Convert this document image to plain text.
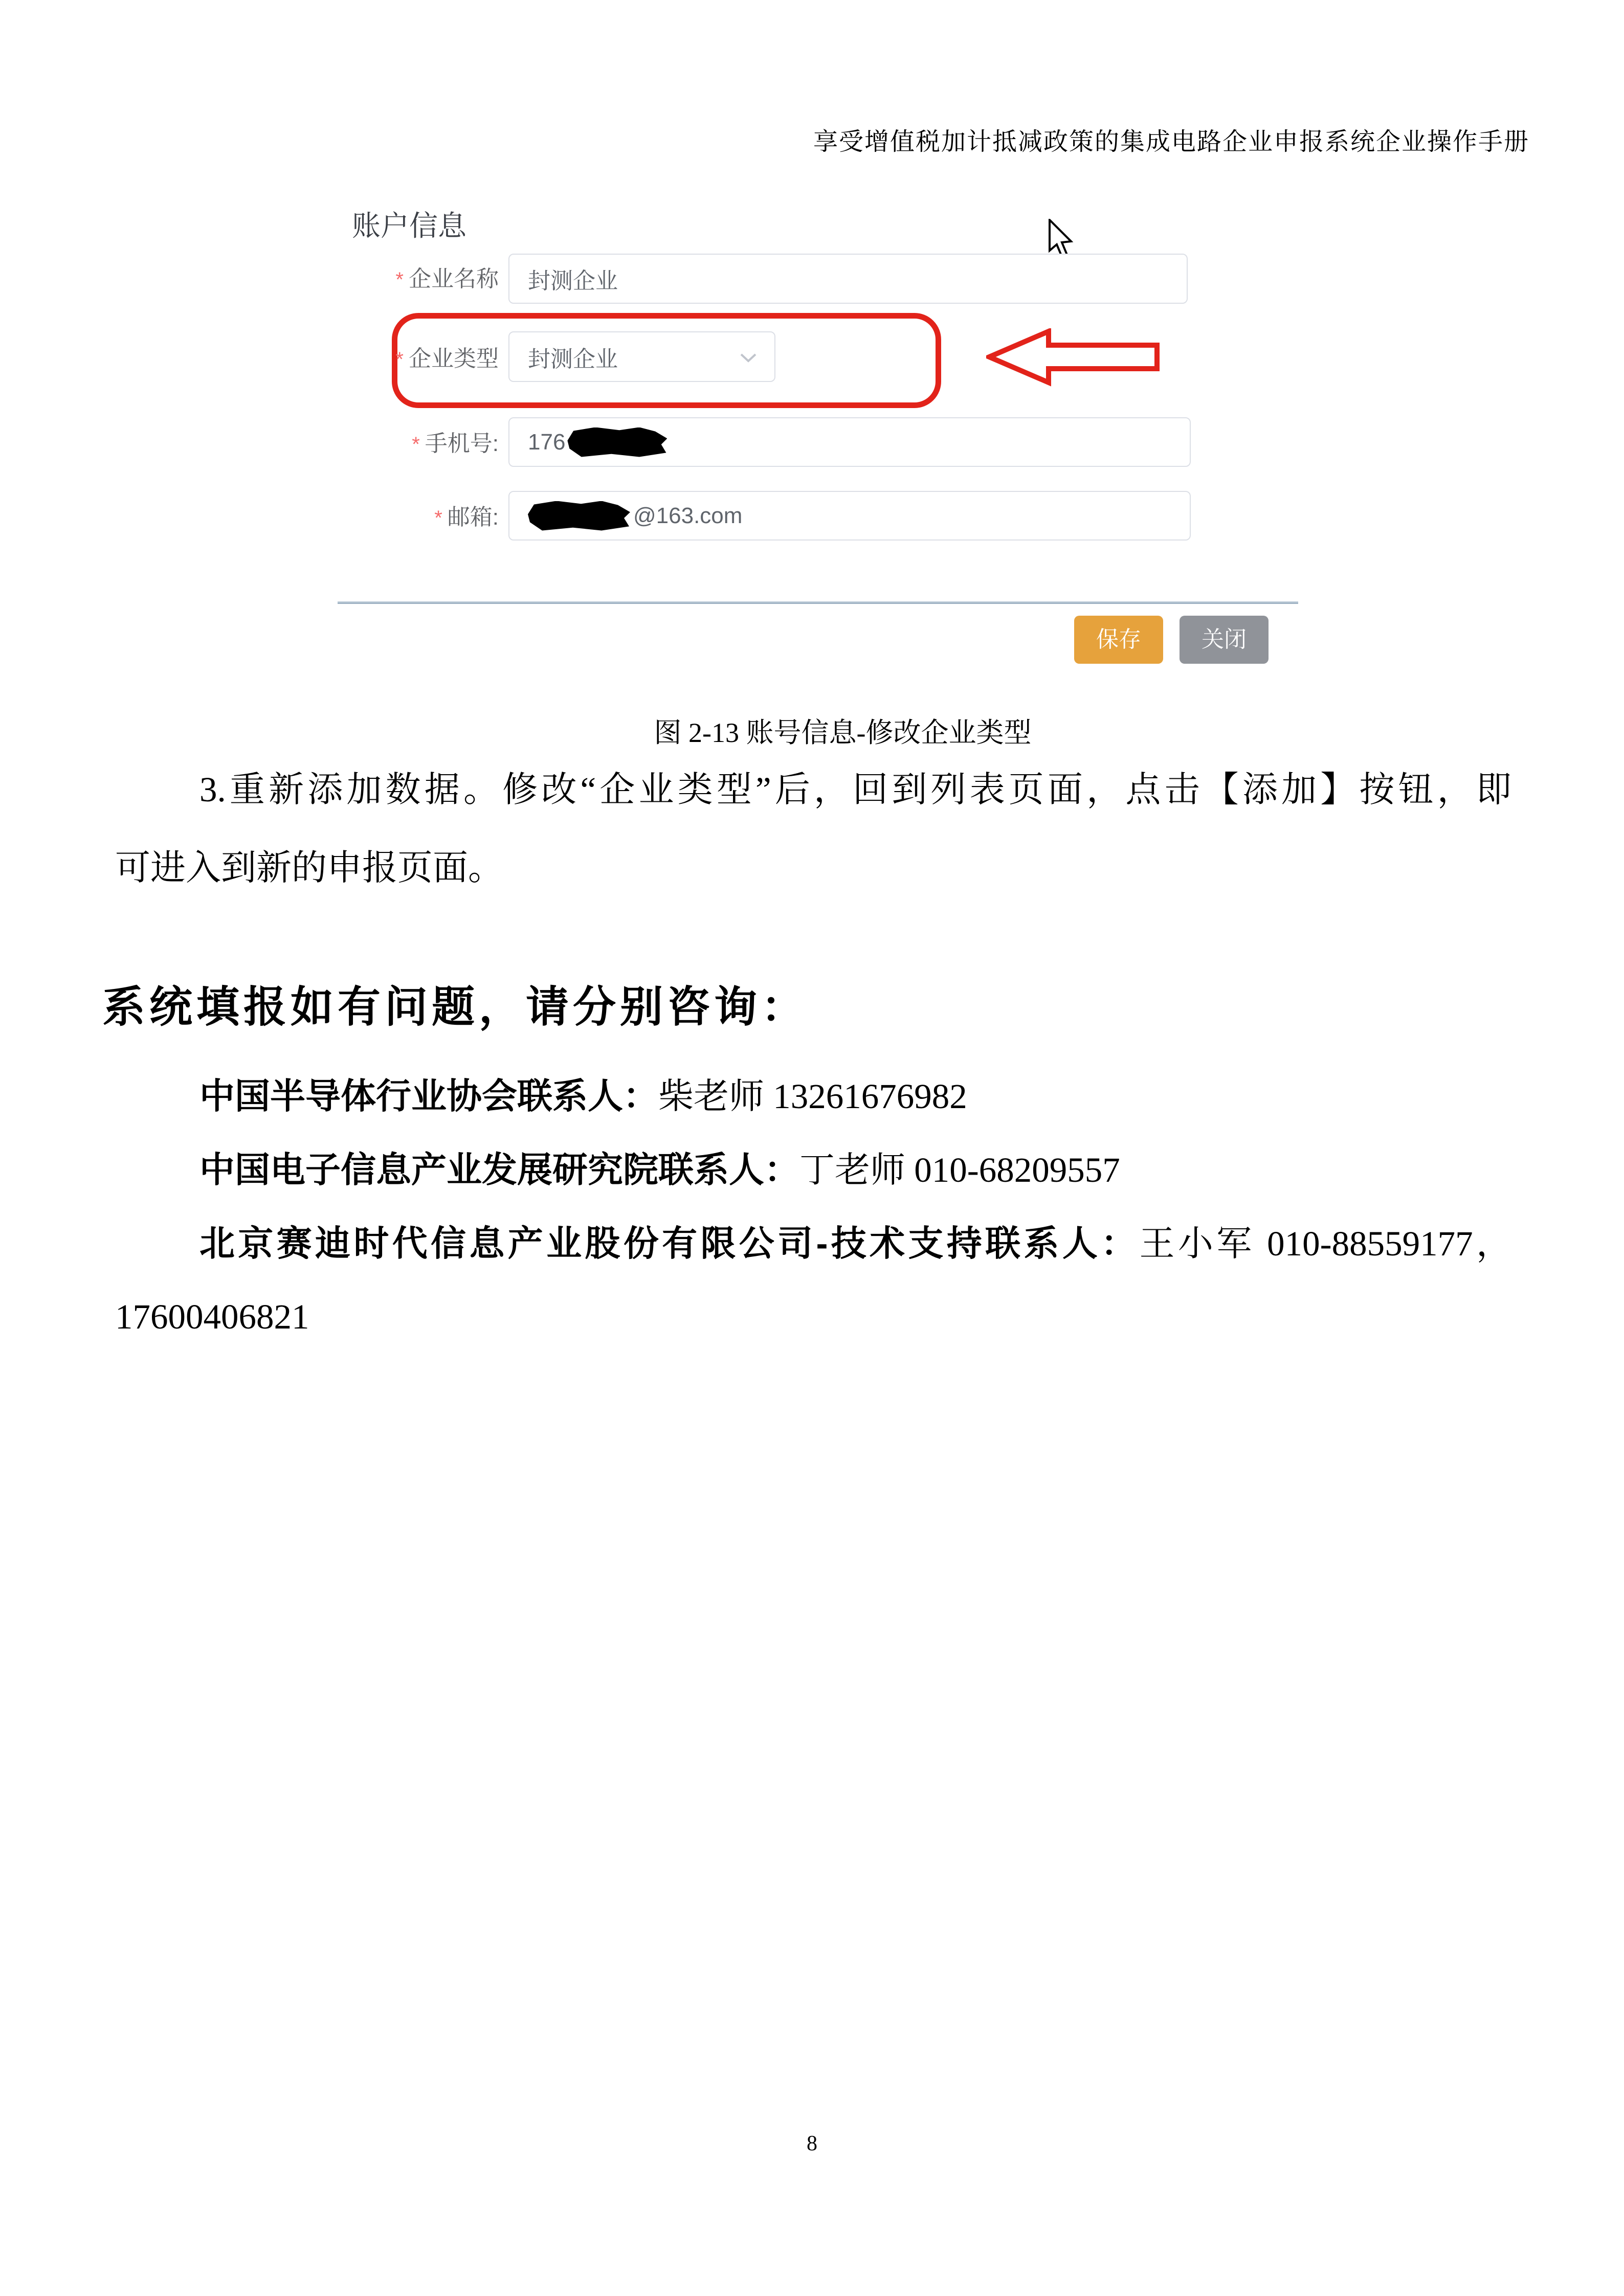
享受增值税加计抵减政策的集成电路企业申报系统企业操作手册
账户信息
* 企业名称
封测企业
* 企业类型 封测企业
* 手机号: 176
* 邮箱:	@163.com
保存	关闭
图 2-13 账号信息-修改企业类型
3.重新添加数据。修改“企业类型”后，回到列表页面，点击【添加】按钮，即
可进入到新的申报页面。
系统填报如有问题，请分别咨询：
中国半导体行业协会联系人：柴老师 13261676982
中国电子信息产业发展研究院联系人：丁老师 010-68209557
北京赛迪时代信息产业股份有限公司-技术支持联系人：王小军 010-88559177，17600406821
8
